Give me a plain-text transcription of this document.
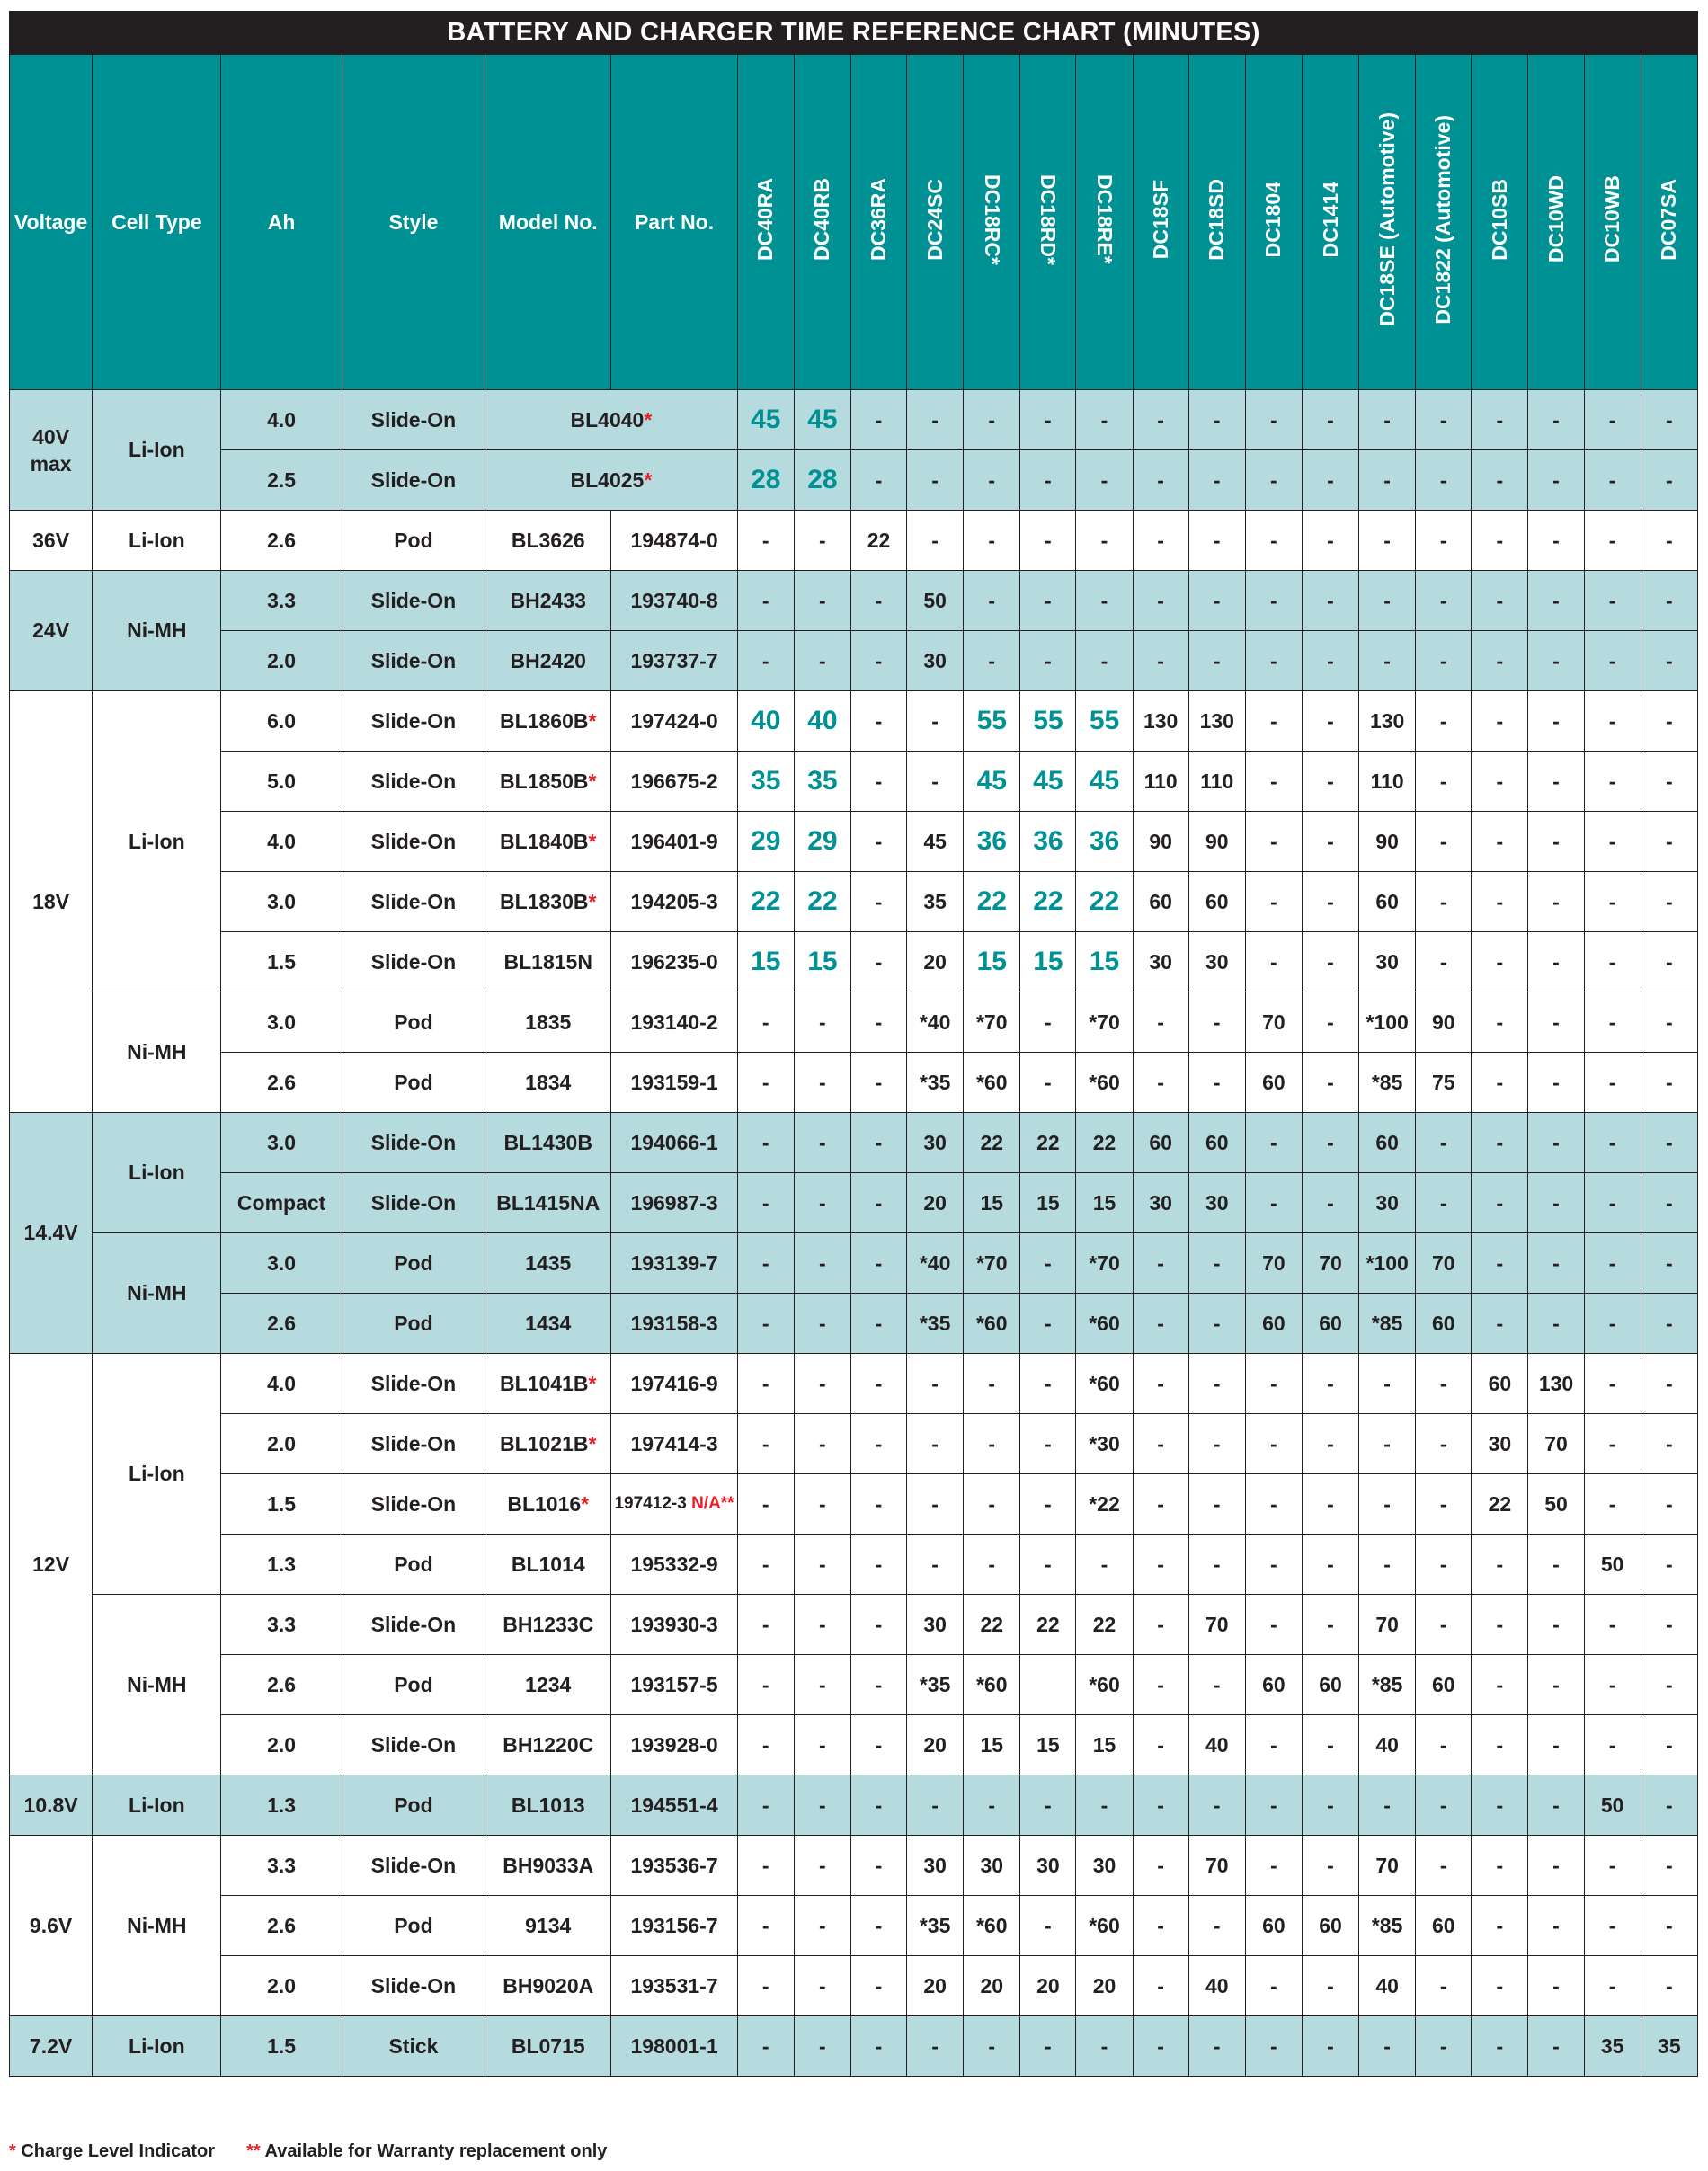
BATTERY AND CHARGER TIME REFERENCE CHART (MINUTES)
Voltage	Cell Type	Ah	Style	Model No.	Part No.	DC40RA	DC40RB	DC36RA	DC24SC	*DC18RC	*DC18RD	*DC18RE	DC18SF	DC18SD	DC1804	DC1414	DC18SE (Automotive)	DC1822 (Automotive)	DC10SB	DC10WD	DC10WB	DC07SA
40V max	Li-Ion	4.0	Slide-On	BL4040*		45	45	-	-	-	-	-	-	-	-	-	-	-	-	-	-	-
		2.5	Slide-On	BL4025*		28	28	-	-	-	-	-	-	-	-	-	-	-	-	-	-	-
36V	Li-Ion	2.6	Pod	BL3626	194874-0	-	-	22	-	-	-	-	-	-	-	-	-	-	-	-	-	-
24V	Ni-MH	3.3	Slide-On	BH2433	193740-8	-	-	-	50	-	-	-	-	-	-	-	-	-	-	-	-	-
		2.0	Slide-On	BH2420	193737-7	-	-	-	30	-	-	-	-	-	-	-	-	-	-	-	-	-
18V	Li-Ion	6.0	Slide-On	BL1860B*	197424-0	40	40	-	-	55	55	55	130	130	-	-	130	-	-	-	-	-
		5.0	Slide-On	BL1850B*	196675-2	35	35	-	-	45	45	45	110	110	-	-	110	-	-	-	-	-
		4.0	Slide-On	BL1840B*	196401-9	29	29	-	45	36	36	36	90	90	-	-	90	-	-	-	-	-
		3.0	Slide-On	BL1830B*	194205-3	22	22	-	35	22	22	22	60	60	-	-	60	-	-	-	-	-
		1.5	Slide-On	BL1815N	196235-0	15	15	-	20	15	15	15	30	30	-	-	30	-	-	-	-	-
	Ni-MH	3.0	Pod	1835	193140-2	-	-	-	*40	*70	-	*70	-	-	70	-	*100	90	-	-	-	-
		2.6	Pod	1834	193159-1	-	-	-	*35	*60	-	*60	-	-	60	-	*85	75	-	-	-	-
14.4V	Li-Ion	3.0	Slide-On	BL1430B	194066-1	-	-	-	30	22	22	22	60	60	-	-	60	-	-	-	-	-
		Compact	Slide-On	BL1415NA	196987-3	-	-	-	20	15	15	15	30	30	-	-	30	-	-	-	-	-
	Ni-MH	3.0	Pod	1435	193139-7	-	-	-	*40	*70	-	*70	-	-	70	70	*100	70	-	-	-	-
		2.6	Pod	1434	193158-3	-	-	-	*35	*60	-	*60	-	-	60	60	*85	60	-	-	-	-
12V	Li-Ion	4.0	Slide-On	BL1041B*	197416-9	-	-	-	-	-	-	*60	-	-	-	-	-	-	60	130	-	-
		2.0	Slide-On	BL1021B*	197414-3	-	-	-	-	-	-	*30	-	-	-	-	-	-	30	70	-	-
		1.5	Slide-On	BL1016*	197412-3 N/A**	-	-	-	-	-	-	*22	-	-	-	-	-	-	22	50	-	-
		1.3	Pod	BL1014	195332-9	-	-	-	-	-	-	-	-	-	-	-	-	-	-	-	50	-
	Ni-MH	3.3	Slide-On	BH1233C	193930-3	-	-	-	30	22	22	22	-	70	-	-	70	-	-	-	-	-
		2.6	Pod	1234	193157-5	-	-	-	*35	*60		*60	-	-	60	60	*85	60	-	-	-	-
		2.0	Slide-On	BH1220C	193928-0	-	-	-	20	15	15	15	-	40	-	-	40	-	-	-	-	-
10.8V	Li-Ion	1.3	Pod	BL1013	194551-4	-	-	-	-	-	-	-	-	-	-	-	-	-	-	-	50	-
9.6V	Ni-MH	3.3	Slide-On	BH9033A	193536-7	-	-	-	30	30	30	30	-	70	-	-	70	-	-	-	-	-
		2.6	Pod	9134	193156-7	-	-	-	*35	*60	-	*60	-	-	60	60	*85	60	-	-	-	-
		2.0	Slide-On	BH9020A	193531-7	-	-	-	20	20	20	20	-	40	-	-	40	-	-	-	-	-
7.2V	Li-Ion	1.5	Stick	BL0715	198001-1	-	-	-	-	-	-	-	-	-	-	-	-	-	-	-	35	35
* Charge Level Indicator ** Available for Warranty replacement only
